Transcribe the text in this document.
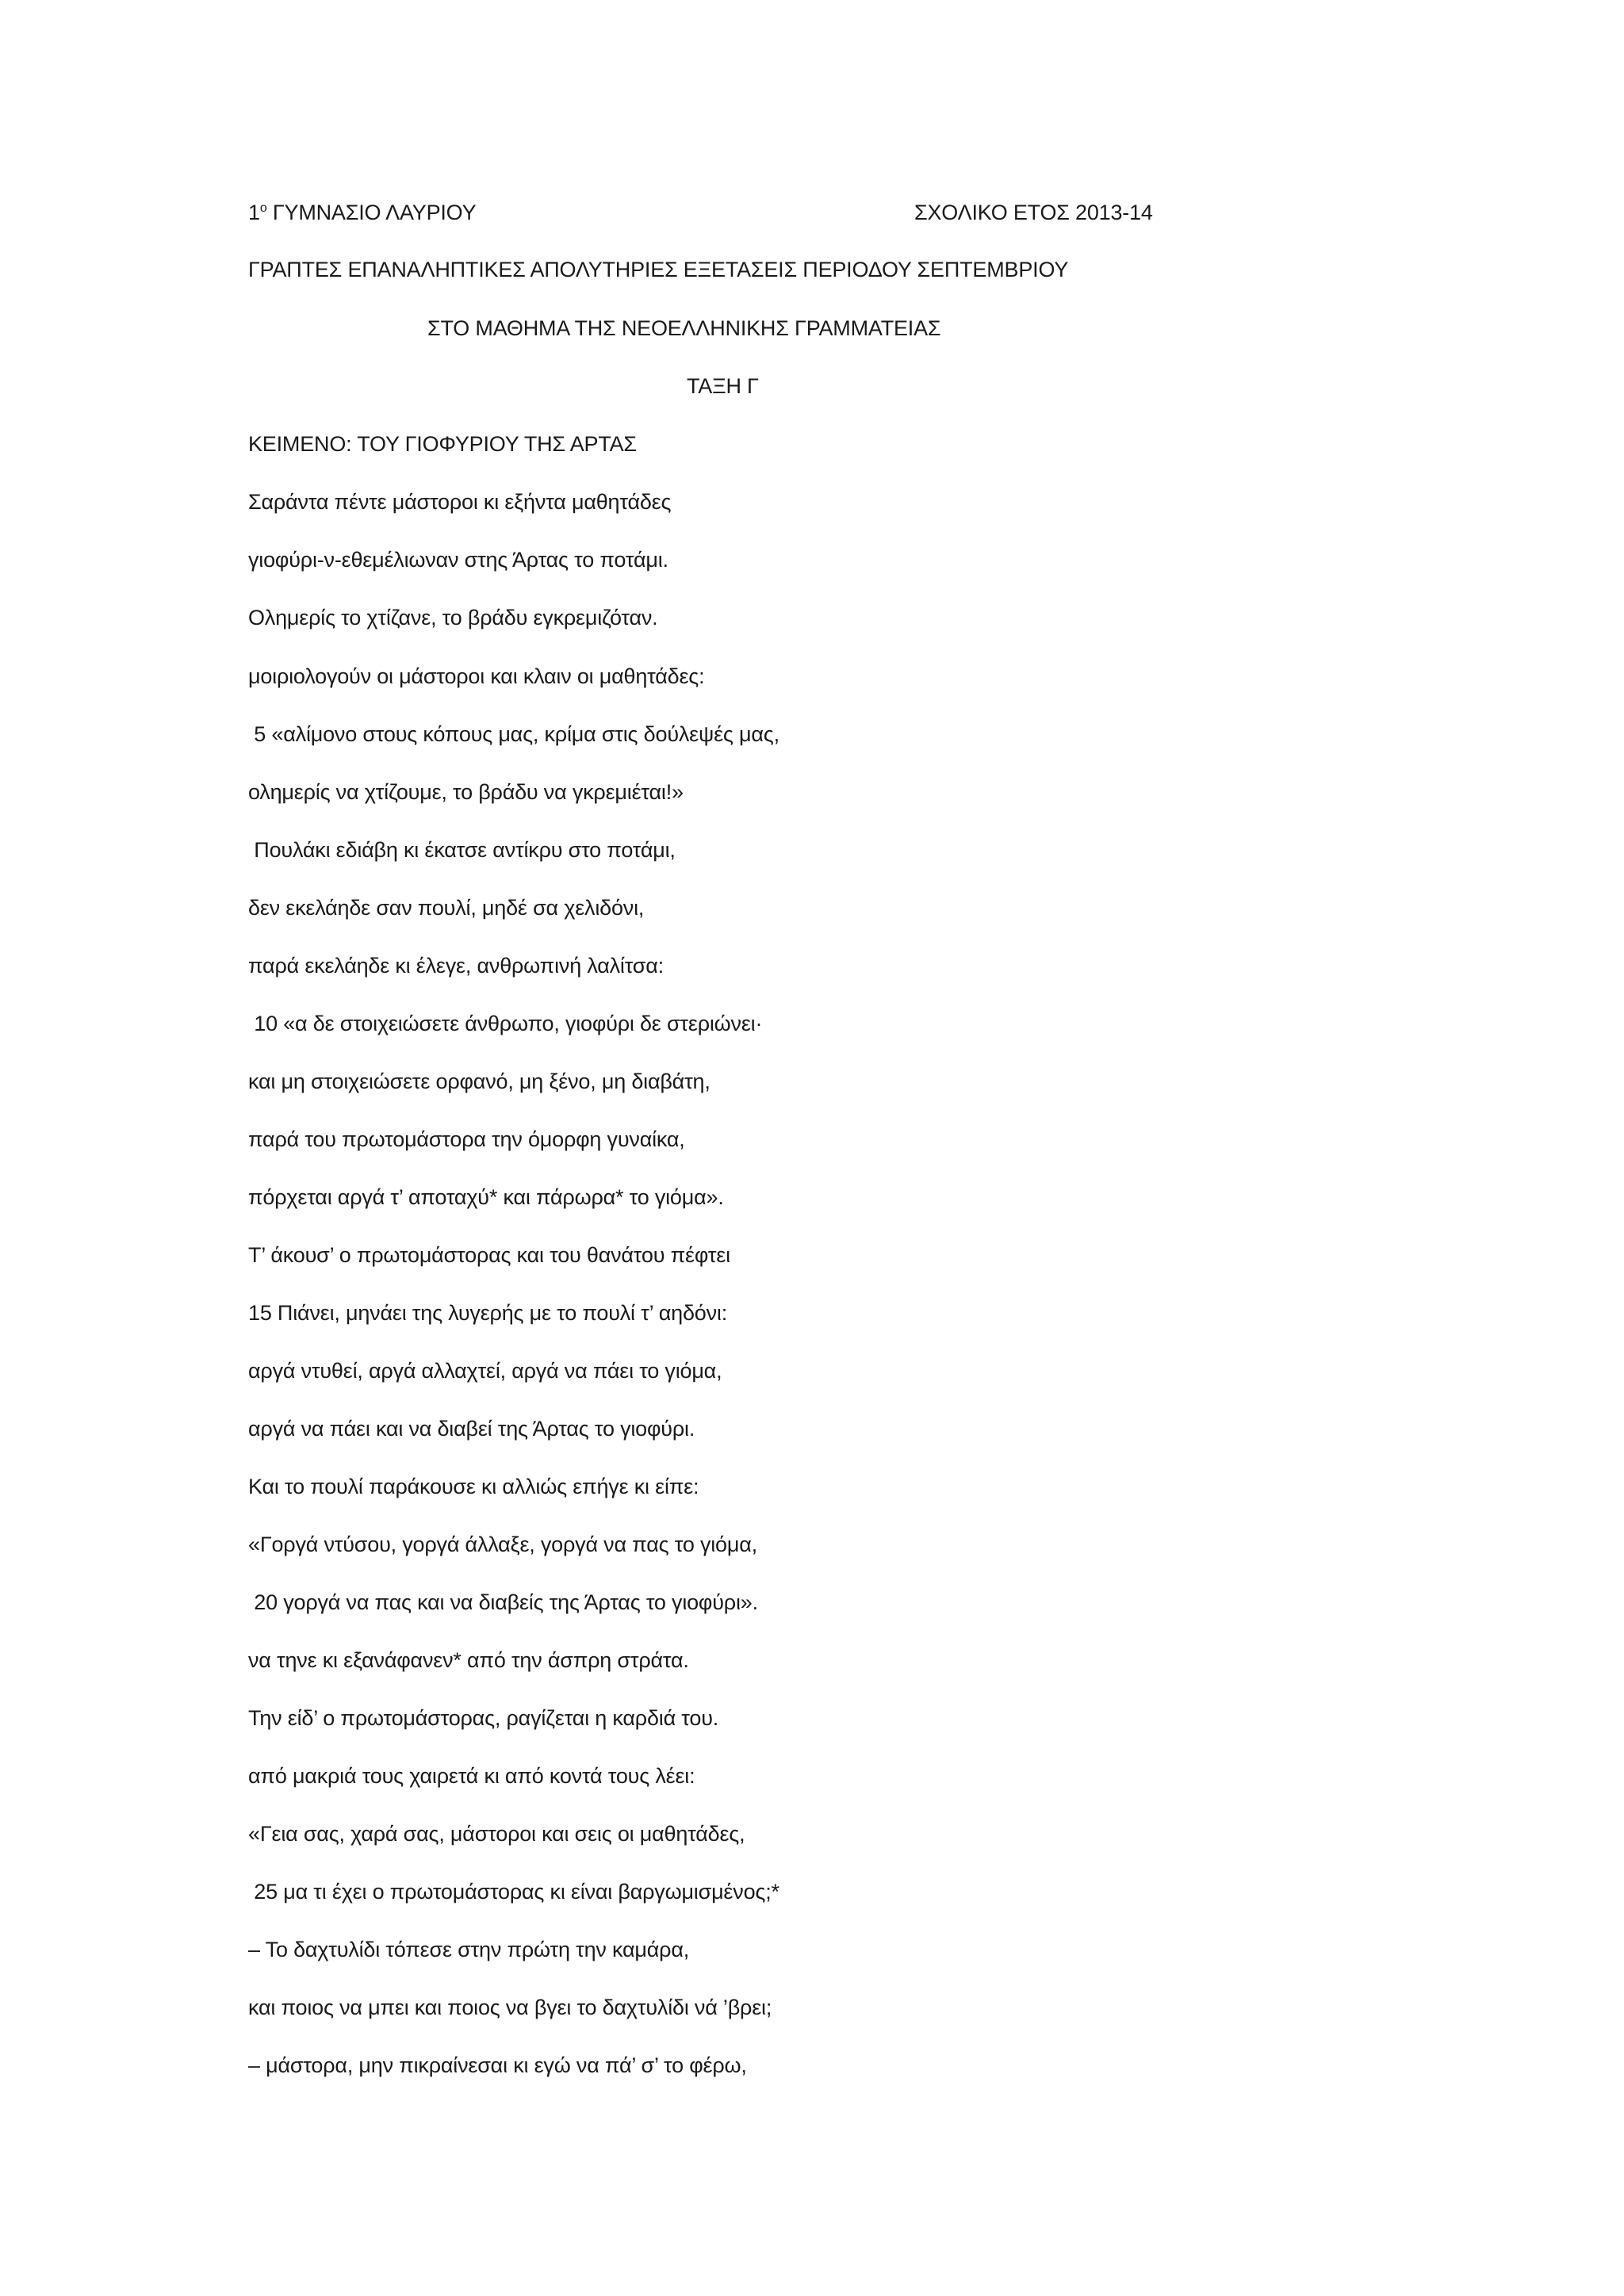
$1^o$ ΓΥΜΝΑΣΙΟ ΛΑΥΡΙΟΥ	ΣΧΟΛΙΚΟ ΕΤΟΣ 2013-14
ΓΡΑΠΤΕΣ ΕΠΑΝΑΛΗΠΤΙΚΕΣ ΑΠΟΛΥΤΗΡΙΕΣ ΕΞΕΤΑΣΕΙΣ ΠΕΡΙΟΔΟΥ ΣΕΠΤΕΜΒΡΙΟΥ
ΣΤΟ ΜΑΘΗΜΑ ΤΗΣ ΝΕΟΕΛΛΗΝΙΚΗΣ ΓΡΑΜΜΑΤΕΙΑΣ
ΤΑΞΗ Γ
ΚΕΙΜΕΝΟ: ΤΟΥ ΓΙΟΦΥΡΙΟΥ ΤΗΣ ΑΡΤΑΣ
Σαράντα πέντε μάστοροι κι εξήντα μαθητάδες
γιοφύρι-ν-εθεμέλιωναν στης Άρτας το ποτάμι.
Ολημερίς το χτίζανε, το βράδυ εγκρεμιζόταν.
μοιριολογούν οι μάστοροι και κλαιν οι μαθητάδες:
5 «αλίμονο στους κόπους μας, κρίμα στις δούλεψές μας,
ολημερίς να χτίζουμε, το βράδυ να γκρεμιέται!»
Πουλάκι εδιάβη κι έκατσε αντίκρυ στο ποτάμι,
δεν εκελάηδε σαν πουλί, μηδέ σα χελιδόνι,
παρά εκελάηδε κι έλεγε, ανθρωπινή λαλίτσα:
10 «α δε στοιχειώσετε άνθρωπο, γιοφύρι δε στεριώνει·
και μη στοιχειώσετε ορφανό, μη ξένο, μη διαβάτη,
παρά του πρωτομάστορα την όμορφη γυναίκα,
πόρχεται αργά τ’ αποταχύ* και πάρωρα* το γιόμα».
Τ’ άκουσ’ ο πρωτομάστορας και του θανάτου πέφτει
15 Πιάνει, μηνάει της λυγερής με το πουλί τ’ αηδόνι:
αργά ντυθεί, αργά αλλαχτεί, αργά να πάει το γιόμα,
αργά να πάει και να διαβεί της Άρτας το γιοφύρι.
Και το πουλί παράκουσε κι αλλιώς επήγε κι είπε:
«Γοργά ντύσου, γοργά άλλαξε, γοργά να πας το γιόμα,
20 γοργά να πας και να διαβείς της Άρτας το γιοφύρι».
να τηνε κι εξανάφανεν* από την άσπρη στράτα.
Την είδ’ ο πρωτομάστορας, ραγίζεται η καρδιά του.
από μακριά τους χαιρετά κι από κοντά τους λέει:
«Γεια σας, χαρά σας, μάστοροι και σεις οι μαθητάδες,
25 μα τι έχει ο πρωτομάστορας κι είναι βαργωμισμένος;*
– Το δαχτυλίδι τόπεσε στην πρώτη την καμάρα,
και ποιος να μπει και ποιος να βγει το δαχτυλίδι νά ’βρει;
– μάστορα, μην πικραίνεσαι κι εγώ να πά’ σ’ το φέρω,
